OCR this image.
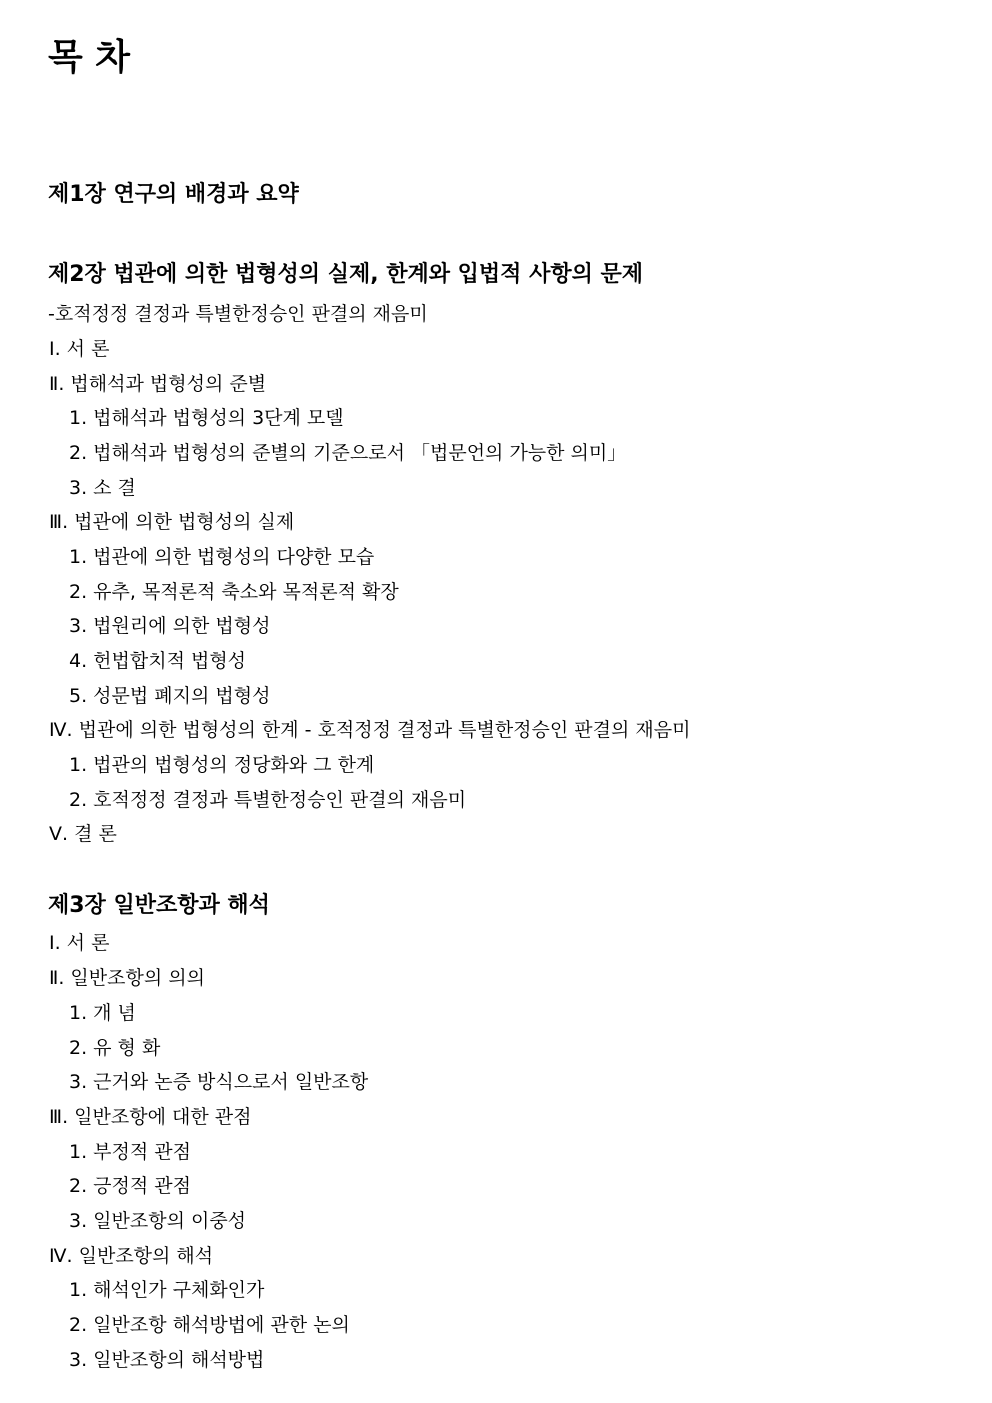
목 차
제1장 연구의 배경과 요약
제2장 법관에 의한 법형성의 실제, 한계와 입법적 사항의 문제
-호적정정 결정과 특별한정승인 판결의 재음미
Ⅰ. 서 론
Ⅱ. 법해석과 법형성의 준별
1. 법해석과 법형성의 3단계 모델
2. 법해석과 법형성의 준별의 기준으로서 「법문언의 가능한 의미」
3. 소 결
Ⅲ. 법관에 의한 법형성의 실제
1. 법관에 의한 법형성의 다양한 모습
2. 유추, 목적론적 축소와 목적론적 확장
3. 법원리에 의한 법형성
4. 헌법합치적 법형성
5. 성문법 폐지의 법형성
Ⅳ. 법관에 의한 법형성의 한계 - 호적정정 결정과 특별한정승인 판결의 재음미
1. 법관의 법형성의 정당화와 그 한계
2. 호적정정 결정과 특별한정승인 판결의 재음미
Ⅴ. 결 론
제3장 일반조항과 해석
Ⅰ. 서 론
Ⅱ. 일반조항의 의의
1. 개 념
2. 유 형 화
3. 근거와 논증 방식으로서 일반조항
Ⅲ. 일반조항에 대한 관점
1. 부정적 관점
2. 긍정적 관점
3. 일반조항의 이중성
Ⅳ. 일반조항의 해석
1. 해석인가 구체화인가
2. 일반조항 해석방법에 관한 논의
3. 일반조항의 해석방법
